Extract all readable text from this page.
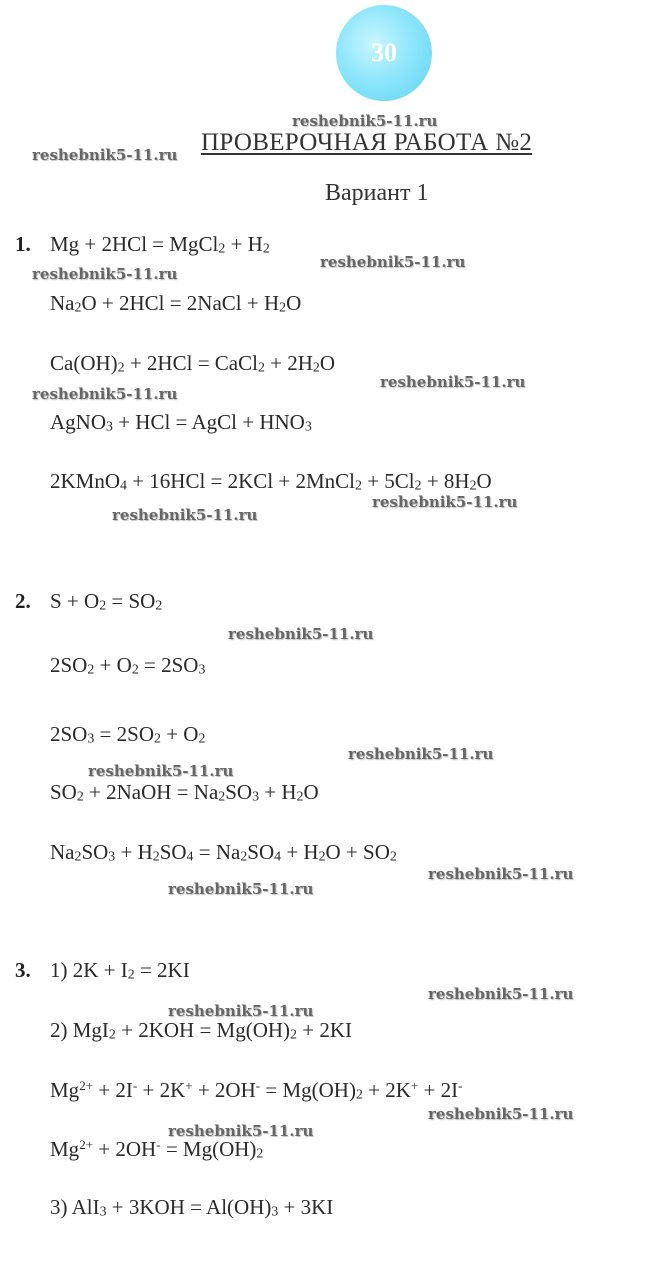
30
ПРОВЕРОЧНАЯ РАБОТА №2
Вариант 1
reshebnik5-11.ru
reshebnik5-11.ru
reshebnik5-11.ru
reshebnik5-11.ru
reshebnik5-11.ru
reshebnik5-11.ru
reshebnik5-11.ru
reshebnik5-11.ru
reshebnik5-11.ru
reshebnik5-11.ru
reshebnik5-11.ru
reshebnik5-11.ru
reshebnik5-11.ru
reshebnik5-11.ru
reshebnik5-11.ru
reshebnik5-11.ru
reshebnik5-11.ru
1. Mg + 2HCl = MgCl$_2$ + $H_2$
$Na_2O + 2HCl$ = 2NaCl + $H_2O$
$Ca(OH)_2 + 2HCl$ = CaCl$_2$ + $2H_2O$
AgNO$_3$ + HCl = AgCl + $HNO_3$
2KMnO$_4$ + 16HCl = 2KCl + 2MnCl$_2$ + $5Cl_2 + 8H_2O$
2. $S + O_2 = SO_2$
$2SO_2 + O_2 = 2SO_3$
$2SO_3 = 2SO_2 + O_2$
$SO_2$ + 2NaOH = $Na_2SO_3 + H_2O$
$Na_2SO_3 + H_2SO_4 = Na_2SO_4 + H_2O + SO_2$
3. 1) $2K + I_2 = 2KI$
2) $MgI_2 + 2KOH = Mg(OH)_2 + 2KI$
$Mg^{2+} + 2I^- + 2K^+ + 2OH^- = Mg(OH)_2 + 2K^+ + 2I^-$
$Mg^{2+} + 2OH^- = Mg(OH)_2$
3) $AlI_3 + 3KOH = Al(OH)_3 + 3KI$
